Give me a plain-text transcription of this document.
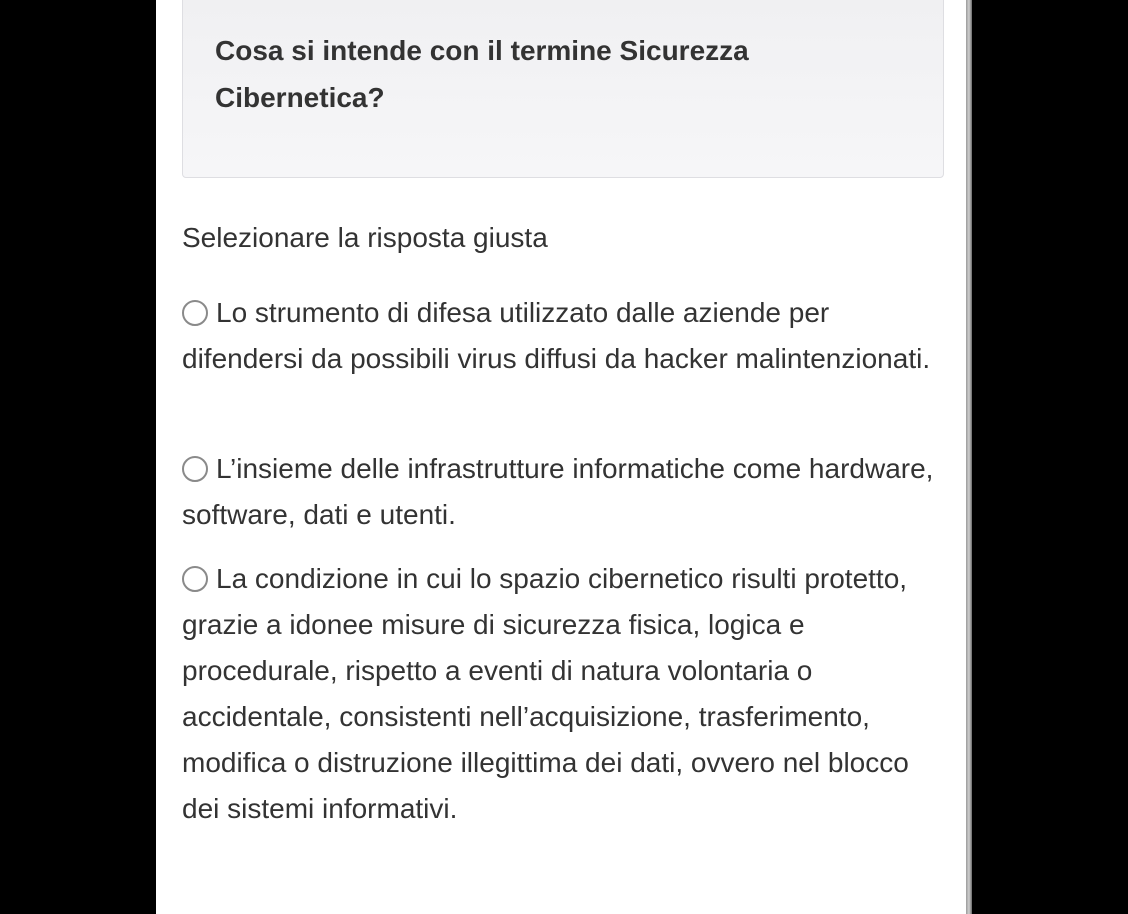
Cosa si intende con il termine Sicurezza Cibernetica?

Selezionare la risposta giusta

Lo strumento di difesa utilizzato dalle aziende per difendersi da possibili virus diffusi da hacker malintenzionati.
L’insieme delle infrastrutture informatiche come hardware, software, dati e utenti.
La condizione in cui lo spazio cibernetico risulti protetto, grazie a idonee misure di sicurezza fisica, logica e procedurale, rispetto a eventi di natura volontaria o accidentale, consistenti nell’acquisizione, trasferimento, modifica o distruzione illegittima dei dati, ovvero nel blocco dei sistemi informativi.
